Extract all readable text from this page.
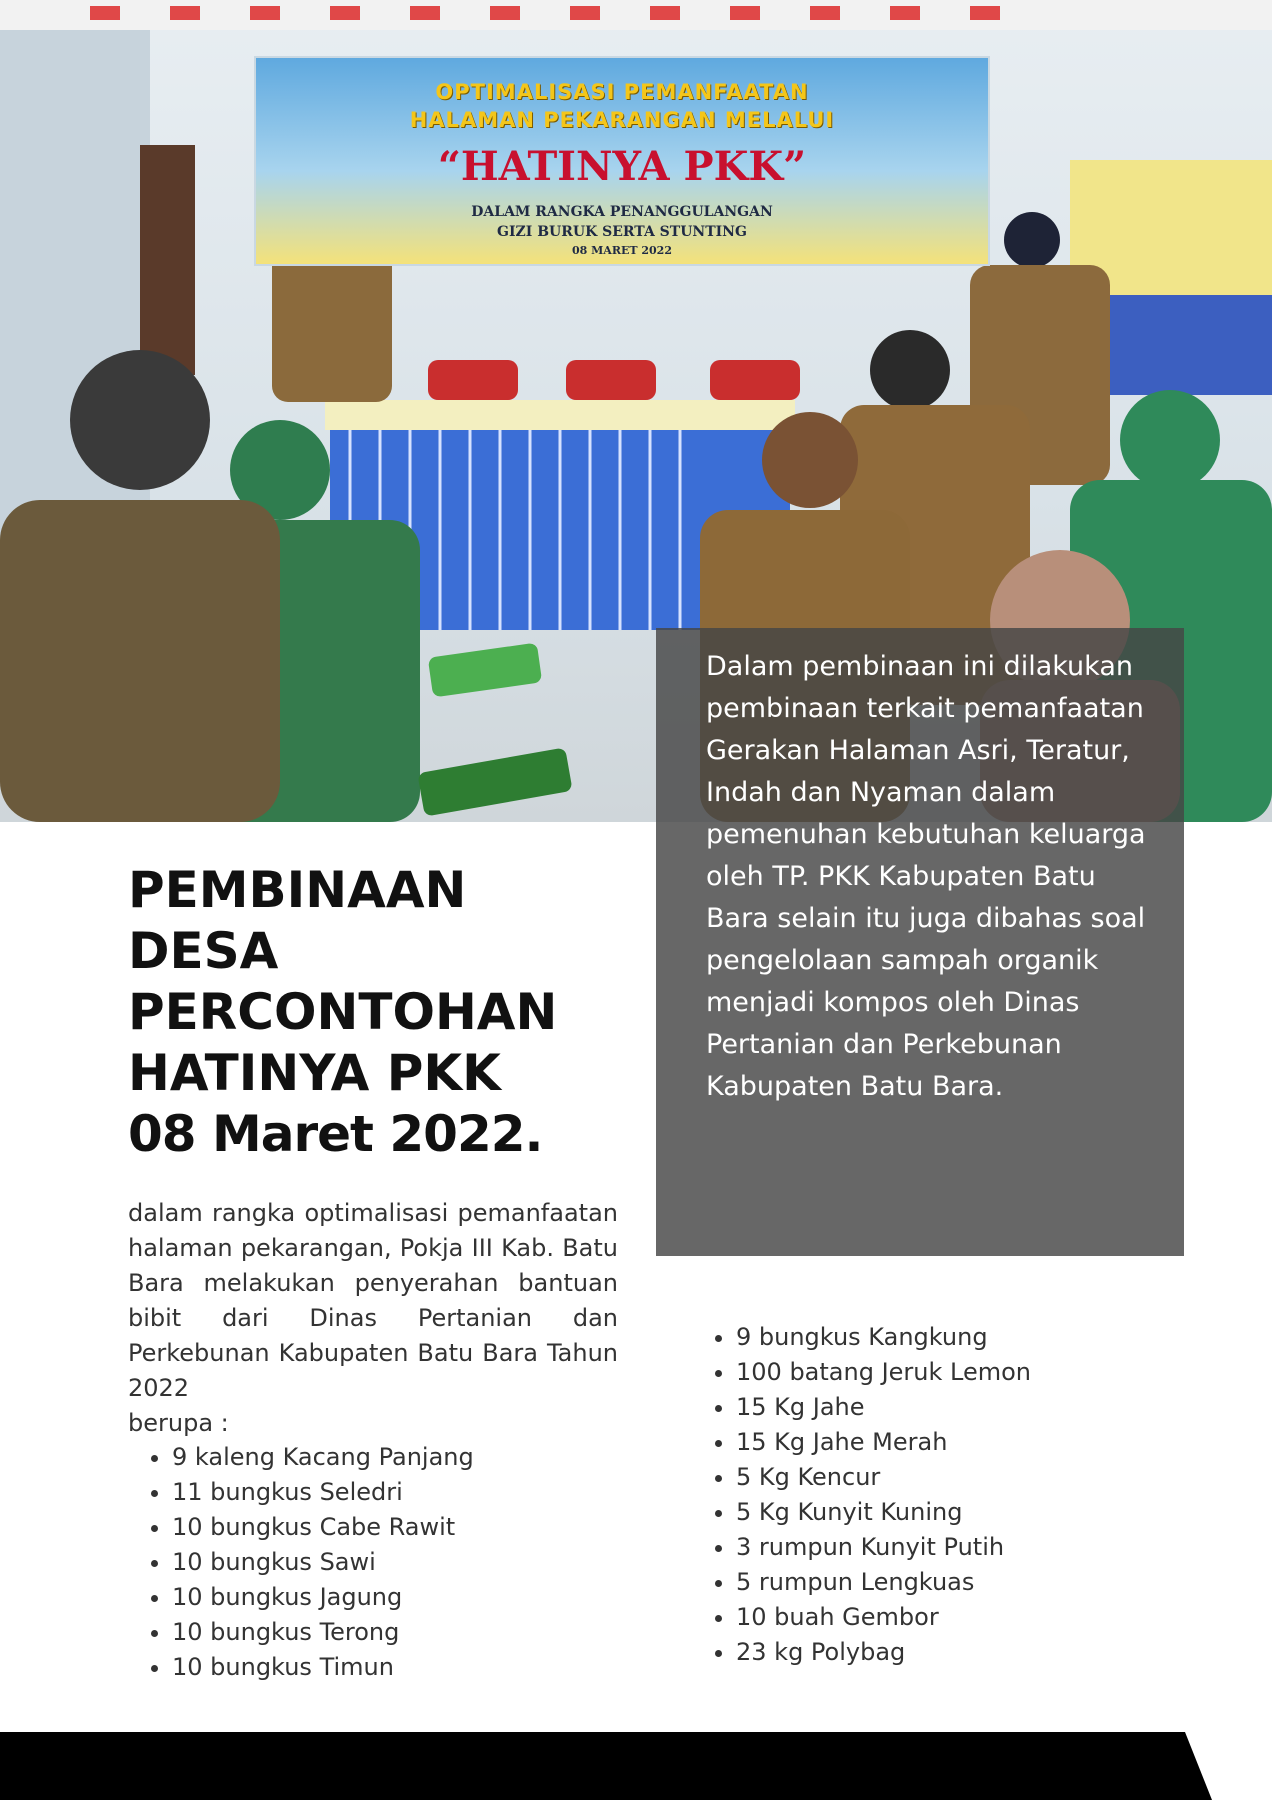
OPTIMALISASI PEMANFAATAN
HALAMAN PEKARANGAN MELALUI
“HATINYA PKK”
DALAM RANGKA PENANGGULANGAN
GIZI BURUK SERTA STUNTING
08 MARET 2022
Dalam pembinaan ini dilakukan pembinaan terkait pemanfaatan Gerakan Halaman Asri, Teratur, Indah dan Nyaman dalam pemenuhan kebutuhan keluarga oleh TP. PKK Kabupaten Batu Bara selain itu juga dibahas soal pengelolaan sampah organik menjadi kompos oleh Dinas Pertanian dan Perkebunan Kabupaten Batu Bara.
PEMBINAAN
DESA
PERCONTOHAN
HATINYA PKK
08 Maret 2022.
dalam rangka optimalisasi pemanfaatan halaman pekarangan, Pokja III Kab. Batu Bara melakukan penyerahan bantuan bibit dari Dinas Pertanian dan Perkebunan Kabupaten Batu Bara Tahun 2022
berupa :
• 9 kaleng Kacang Panjang
• 11 bungkus Seledri
• 10 bungkus Cabe Rawit
• 10 bungkus Sawi
• 10 bungkus Jagung
• 10 bungkus Terong
• 10 bungkus Timun
• 9 bungkus Kangkung
• 100 batang Jeruk Lemon
• 15 Kg Jahe
• 15 Kg Jahe Merah
• 5 Kg Kencur
• 5 Kg Kunyit Kuning
• 3 rumpun Kunyit Putih
• 5 rumpun Lengkuas
• 10 buah Gembor
• 23 kg Polybag
